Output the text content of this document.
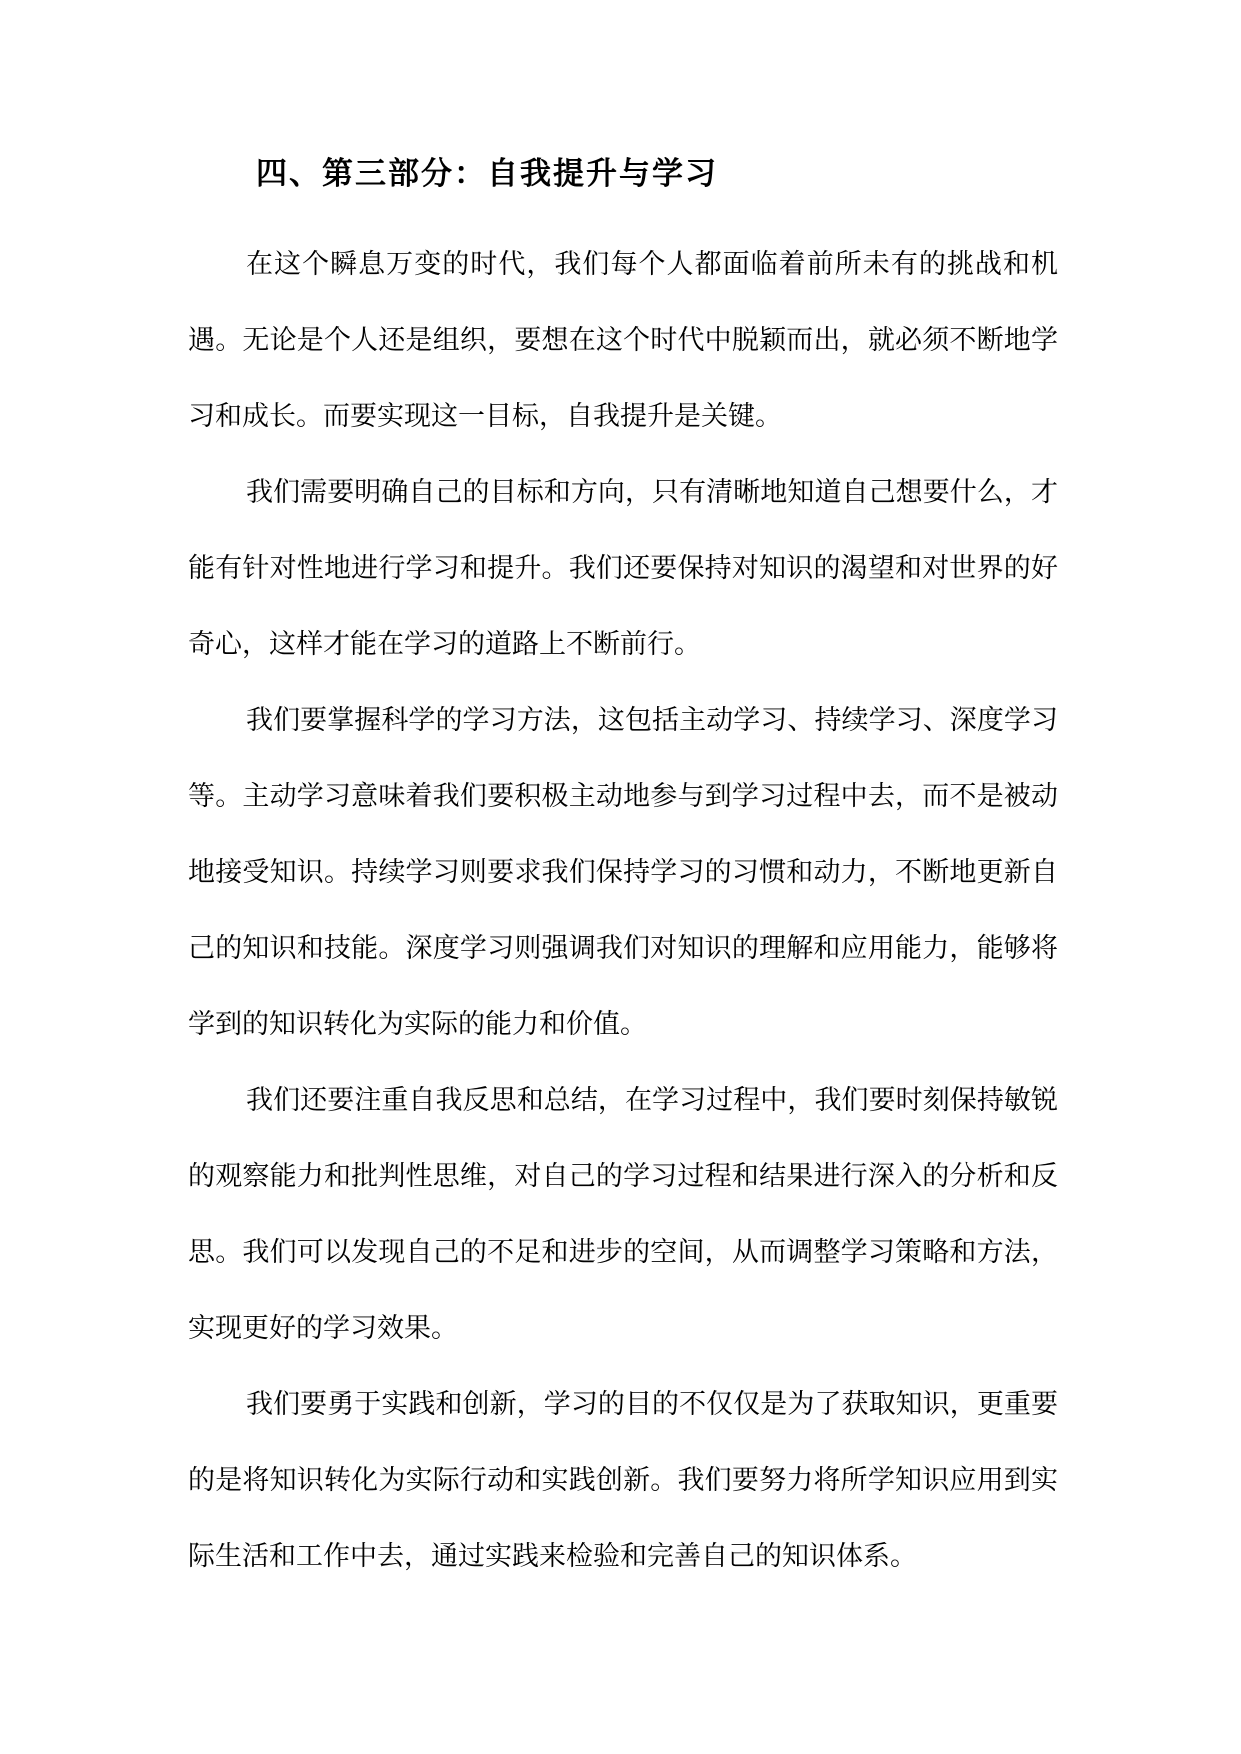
四、第三部分：自我提升与学习

在这个瞬息万变的时代，我们每个人都面临着前所未有的挑战和机遇。无论是个人还是组织，要想在这个时代中脱颖而出，就必须不断地学习和成长。而要实现这一目标，自我提升是关键。

我们需要明确自己的目标和方向，只有清晰地知道自己想要什么，才能有针对性地进行学习和提升。我们还要保持对知识的渴望和对世界的好奇心，这样才能在学习的道路上不断前行。

我们要掌握科学的学习方法，这包括主动学习、持续学习、深度学习等。主动学习意味着我们要积极主动地参与到学习过程中去，而不是被动地接受知识。持续学习则要求我们保持学习的习惯和动力，不断地更新自己的知识和技能。深度学习则强调我们对知识的理解和应用能力，能够将学到的知识转化为实际的能力和价值。

我们还要注重自我反思和总结，在学习过程中，我们要时刻保持敏锐的观察能力和批判性思维，对自己的学习过程和结果进行深入的分析和反思。我们可以发现自己的不足和进步的空间，从而调整学习策略和方法，实现更好的学习效果。

我们要勇于实践和创新，学习的目的不仅仅是为了获取知识，更重要的是将知识转化为实际行动和实践创新。我们要努力将所学知识应用到实际生活和工作中去，通过实践来检验和完善自己的知识体系。
